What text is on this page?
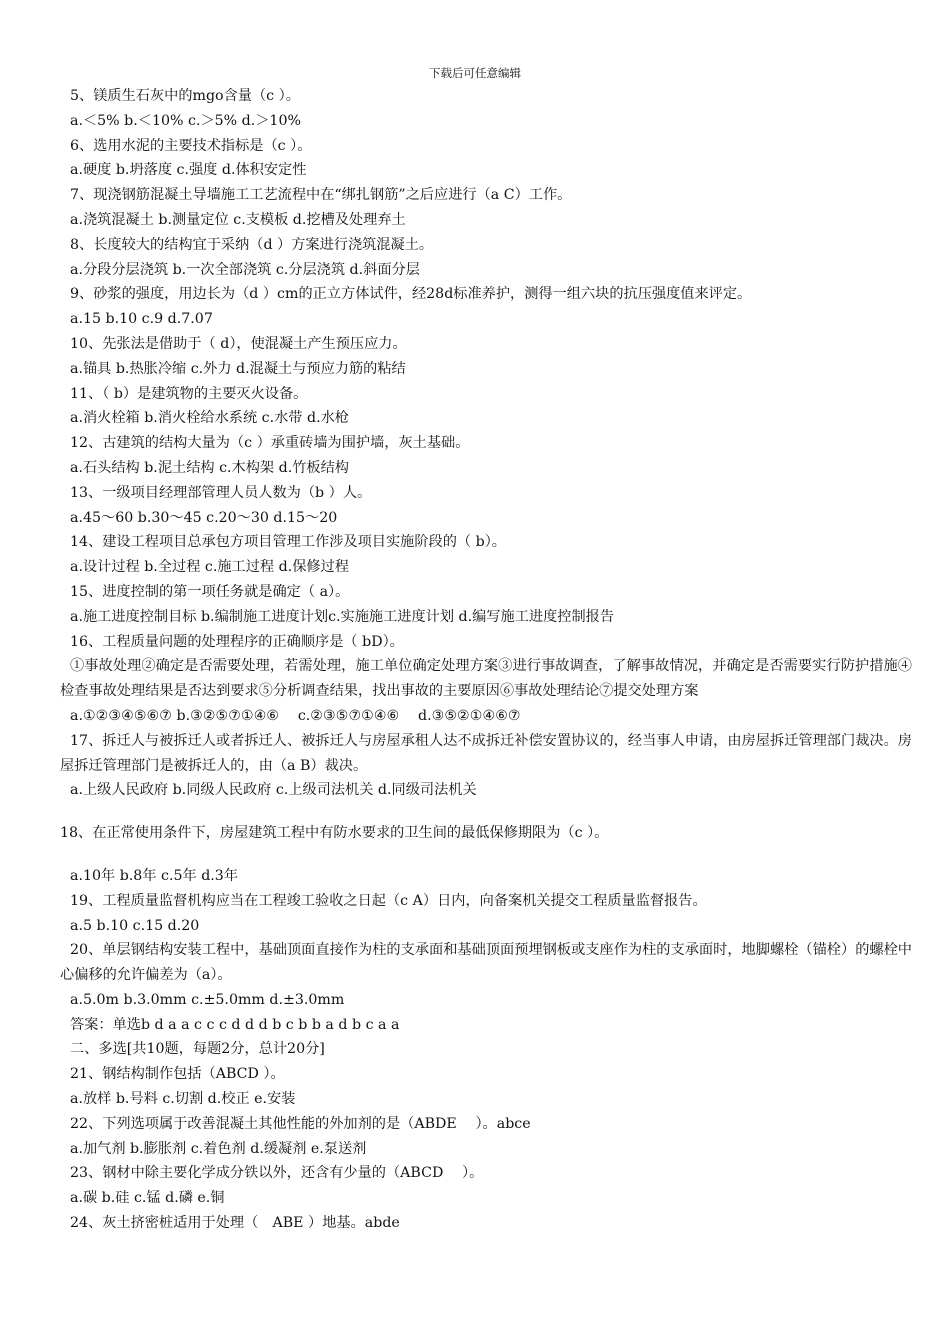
下载后可任意编辑
5、镁质生石灰中的mgo含量（c ）。
a.＜5% b.＜10% c.＞5% d.＞10%
6、选用水泥的主要技术指标是（c ）。
a.硬度 b.坍落度 c.强度 d.体积安定性
7、现浇钢筋混凝土导墙施工工艺流程中在“绑扎钢筋”之后应进行（a C）工作。
a.浇筑混凝土 b.测量定位 c.支模板 d.挖槽及处理弃土
8、长度较大的结构宜于采纳（d ）方案进行浇筑混凝土。
a.分段分层浇筑 b.一次全部浇筑 c.分层浇筑 d.斜面分层
9、砂浆的强度，用边长为（d ）cm的正立方体试件，经28d标准养护，测得一组六块的抗压强度值来评定。
a.15 b.10 c.9 d.7.07
10、先张法是借助于（ d），使混凝土产生预压应力。
a.锚具 b.热胀冷缩 c.外力 d.混凝土与预应力筋的粘结
11、（ b）是建筑物的主要灭火设备。
a.消火栓箱 b.消火栓给水系统 c.水带 d.水枪
12、古建筑的结构大量为（c ）承重砖墙为围护墙，灰土基础。
a.石头结构 b.泥土结构 c.木构架 d.竹板结构
13、一级项目经理部管理人员人数为（b ）人。
a.45～60 b.30～45 c.20～30 d.15～20
14、建设工程项目总承包方项目管理工作涉及项目实施阶段的（ b）。
a.设计过程 b.全过程 c.施工过程 d.保修过程
15、进度控制的第一项任务就是确定（ a）。
a.施工进度控制目标 b.编制施工进度计划c.实施施工进度计划 d.编写施工进度控制报告
16、工程质量问题的处理程序的正确顺序是（ bD）。
①事故处理②确定是否需要处理，若需处理，施工单位确定处理方案③进行事故调查，了解事故情况，并确定是否需要实行防护措施④检查事故处理结果是否达到要求⑤分析调查结果，找出事故的主要原因⑥事故处理结论⑦提交处理方案
a.①②③④⑤⑥⑦ b.③②⑤⑦①④⑥　 c.②③⑤⑦①④⑥　 d.③⑤②①④⑥⑦
17、拆迁人与被拆迁人或者拆迁人、被拆迁人与房屋承租人达不成拆迁补偿安置协议的，经当事人申请，由房屋拆迁管理部门裁决。房屋拆迁管理部门是被拆迁人的，由（a B）裁决。
a.上级人民政府 b.同级人民政府 c.上级司法机关 d.同级司法机关
18、在正常使用条件下，房屋建筑工程中有防水要求的卫生间的最低保修期限为（c ）。
a.10年 b.8年 c.5年 d.3年
19、工程质量监督机构应当在工程竣工验收之日起（c A）日内，向备案机关提交工程质量监督报告。
a.5 b.10 c.15 d.20
20、单层钢结构安装工程中，基础顶面直接作为柱的支承面和基础顶面预埋钢板或支座作为柱的支承面时，地脚螺栓（锚栓）的螺栓中心偏移的允许偏差为（a）。
a.5.0m b.3.0mm c.±5.0mm d.±3.0mm
答案：单选b d a a c c c d d d b c b b a d b c a a
二、多选[共10题，每题2分，总计20分]
21、钢结构制作包括（ABCD ）。
a.放样 b.号料 c.切割 d.校正 e.安装
22、下列选项属于改善混凝土其他性能的外加剂的是（ABDE　 ）。abce
a.加气剂 b.膨胀剂 c.着色剂 d.缓凝剂 e.泵送剂
23、钢材中除主要化学成分铁以外，还含有少量的（ABCD　 ）。
a.碳 b.硅 c.锰 d.磷 e.铜
24、灰土挤密桩适用于处理（　ABE ）地基。abde
